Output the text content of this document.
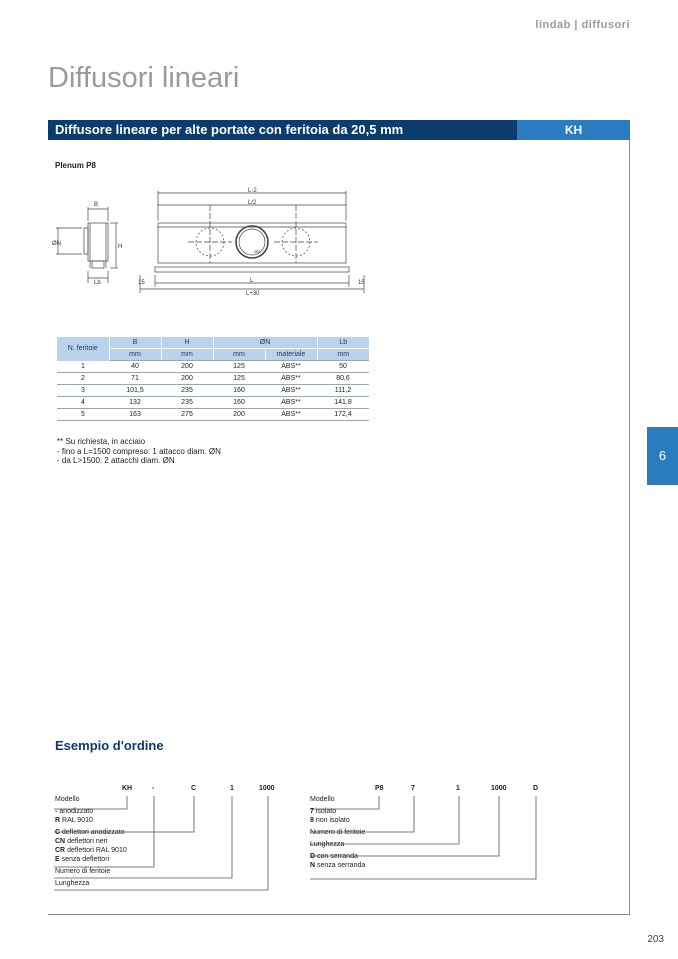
lindab | diffusori
Diffusori lineari
Diffusore lineare per alte portate con feritoia da 20,5 mm	KH
Plenum P8
B
H
ØN
Lb
L-2
L/2
L
L+30
15	15
ØN
N. feritoie	B	H	ØN		Lb
	mm	mm	mm	materiale	mm
1	40	200	125	ABS**	50
2	71	200	125	ABS**	80,6
3	101,5	235	160	ABS**	111,2
4	132	235	160	ABS**	141,8
5	163	275	200	ABS**	172,4
** Su richiesta, in acciaio
- fino a L=1500 compreso: 1 attacco diam. ØN
- da L>1500: 2 attacchi diam. ØN	6
Esempio d'ordine
KH	-	C	1	1000	P8	7	1	1000	D
Modello
- anodizzato
R RAL 9010
C deflettori anodizzato
CN deflettori neri
CR deflettori RAL 9010
E senza deflettori
Numero di feritoie
Lunghezza
Modello
7 isolato
8 non isolato
Numero di feritoie
Lunghezza
D con serranda
N senza serranda
203
